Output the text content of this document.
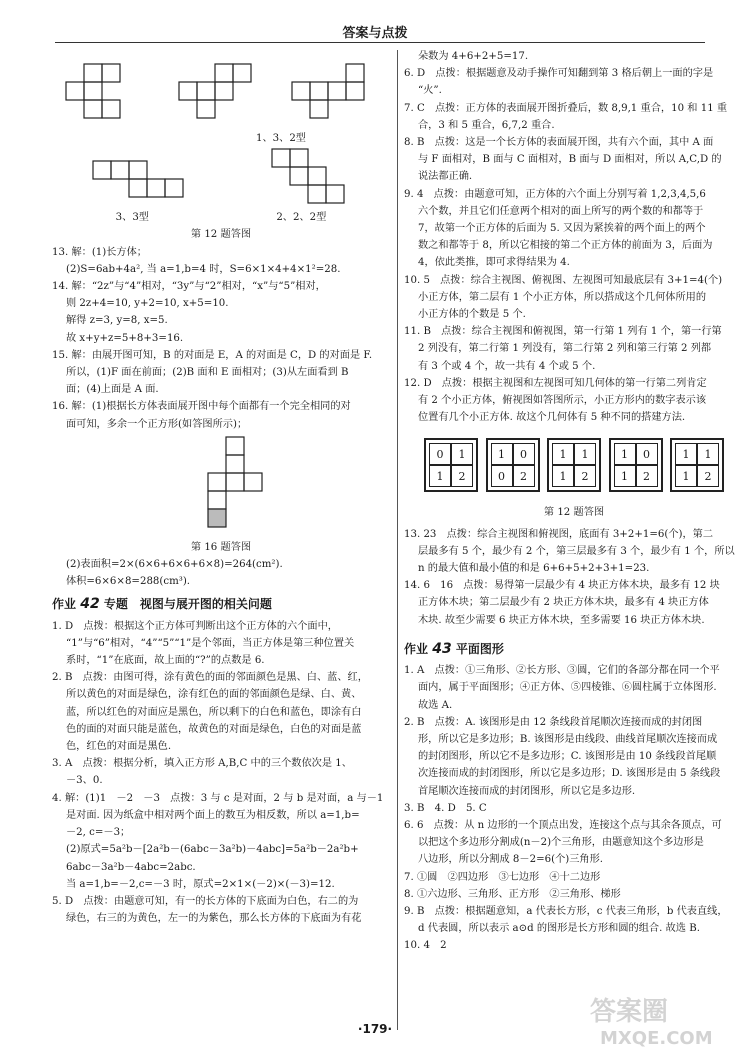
答案与点拨

1、3、2型

3、3型	2、2、2型

第 12 题答图

13. 解：(1)长方体；

(2)S=6ab+4a², 当 a=1,b=4 时，S=6×1×4+4×1²=28.

14. 解：“2z”与“4”相对，“3y”与“2”相对，“x”与“5”相对，

则 2z+4=10, y+2=10, x+5=10.

解得 z=3, y=8, x=5.

故 x+y+z=5+8+3=16.

15. 解：由展开图可知，B 的对面是 E，A 的对面是 C，D 的对面是 F.

所以，(1)F 面在前面；(2)B 面和 E 面相对；(3)从左面看到 B

面；(4)上面是 A 面.

16. 解：(1)根据长方体表面展开图中每个面都有一个完全相同的对

面可知，多余一个正方形(如答图所示)；

第 16 题答图

(2)表面积=2×(6×6+6×6+6×8)=264(cm²).

体积=6×6×8=288(cm³).

作业 42 专题　视图与展开图的相关问题

1. D　点拨：根据这个正方体可判断出这个正方体的六个面中，

“1”与“6”相对，“4”“5”“1”是个邻面，当正方体是第三种位置关

系时，“1”在底面，故上面的“?”的点数是 6.

2. B　点拨：由图可得，涂有黄色的面的邻面颜色是黑、白、蓝、红，

所以黄色的对面是绿色，涂有红色的面的邻面颜色是绿、白、黄、

蓝，所以红色的对面应是黑色，所以剩下的白色和蓝色，即涂有白

色的面的对面只能是蓝色，故黄色的对面是绿色，白色的对面是蓝

色，红色的对面是黑色.

3. A　点拨：根据分析，填入正方形 A,B,C 中的三个数依次是 1、

－3、0.

4. 解：(1)1　－2　－3　点拨：3 与 c 是对面，2 与 b 是对面，a 与－1

是对面. 因为纸盒中相对两个面上的数互为相反数，所以 a=1,b=

－2, c=－3；

(2)原式=5a²b－[2a²b－(6abc－3a²b)－4abc]=5a²b－2a²b+

6abc－3a²b－4abc=2abc.

当 a=1,b=－2,c=－3 时，原式=2×1×(－2)×(－3)=12.

5. D　点拨：由题意可知，有一的长方体的下底面为白色，右二的为

绿色，右三的为黄色，左一的为紫色，那么长方体的下底面为有花

朵数为 4+6+2+5=17.

6. D　点拨：根据题意及动手操作可知翻到第 3 格后朝上一面的字是

“火”.

7. C　点拨：正方体的表面展开图折叠后，数 8,9,1 重合，10 和 11 重

合，3 和 5 重合，6,7,2 重合.

8. B　点拨：这是一个长方体的表面展开图，共有六个面，其中 A 面

与 F 面相对，B 面与 C 面相对，B 面与 D 面相对，所以 A,C,D 的

说法都正确.

9. 4　点拨：由题意可知，正方体的六个面上分别写着 1,2,3,4,5,6

六个数，并且它们任意两个相对的面上所写的两个数的和都等于

7，故第一个正方体的后面为 5. 又因为紧挨着的两个面上的两个

数之和都等于 8，所以它相接的第二个正方体的前面为 3，后面为

4，依此类推，即可求得结果为 4.

10. 5　点拨：综合主视图、俯视图、左视图可知最底层有 3+1=4(个)

小正方体，第二层有 1 个小正方体，所以搭成这个几何体所用的

小正方体的个数是 5 个.

11. B　点拨：综合主视图和俯视图，第一行第 1 列有 1 个，第一行第

2 列没有，第二行第 1 列没有，第二行第 2 列和第三行第 2 列都

有 3 个或 4 个，故一共有 4 个或 5 个.

12. D　点拨：根据主视图和左视图可知几何体的第一行第二列肯定

有 2 个小正方体，俯视图如答图所示，小正方形内的数字表示该

位置有几个小正方体. 故这个几何体有 5 种不同的搭建方法.

0	1
1	2
1	0
0	2
1	1
1	2
1	0
1	2
1	1
1	2

第 12 题答图

13. 23　点拨：综合主视图和俯视图，底面有 3+2+1=6(个)，第二

层最多有 5 个，最少有 2 个，第三层最多有 3 个，最少有 1 个，所以

n 的最大值和最小值的和是 6+6+5+2+3+1=23.

14. 6　16　点拨：易得第一层最少有 4 块正方体木块，最多有 12 块

正方体木块；第二层最少有 2 块正方体木块，最多有 4 块正方体

木块. 故至少需要 6 块正方体木块，至多需要 16 块正方体木块.

作业 43 平面图形

1. A　点拨：①三角形、②长方形、③圆，它们的各部分都在同一个平

面内，属于平面图形；④正方体、⑤四棱锥、⑥圆柱属于立体图形.

故选 A.

2. B　点拨：A. 该图形是由 12 条线段首尾顺次连接而成的封闭图

形，所以它是多边形；B. 该图形是由线段、曲线首尾顺次连接而成

的封闭图形，所以它不是多边形；C. 该图形是由 10 条线段首尾顺

次连接而成的封闭图形，所以它是多边形；D. 该图形是由 5 条线段

首尾顺次连接而成的封闭图形，所以它是多边形.

3. B　4. D　5. C

6. 6　点拨：从 n 边形的一个顶点出发，连接这个点与其余各顶点，可

以把这个多边形分割成(n－2)个三角形，由题意知这个多边形是

八边形，所以分割成 8－2=6(个)三角形.

7. ①圆　②四边形　③七边形　④十二边形

8. ①六边形、三角形、正方形　②三角形、梯形

9. B　点拨：根据题意知，a 代表长方形，c 代表三角形，b 代表直线，

d 代表圆，所以表示 a⊙d 的图形是长方形和圆的组合. 故选 B.

10. 4　2

·179·
答案圈
MXQE.COM
